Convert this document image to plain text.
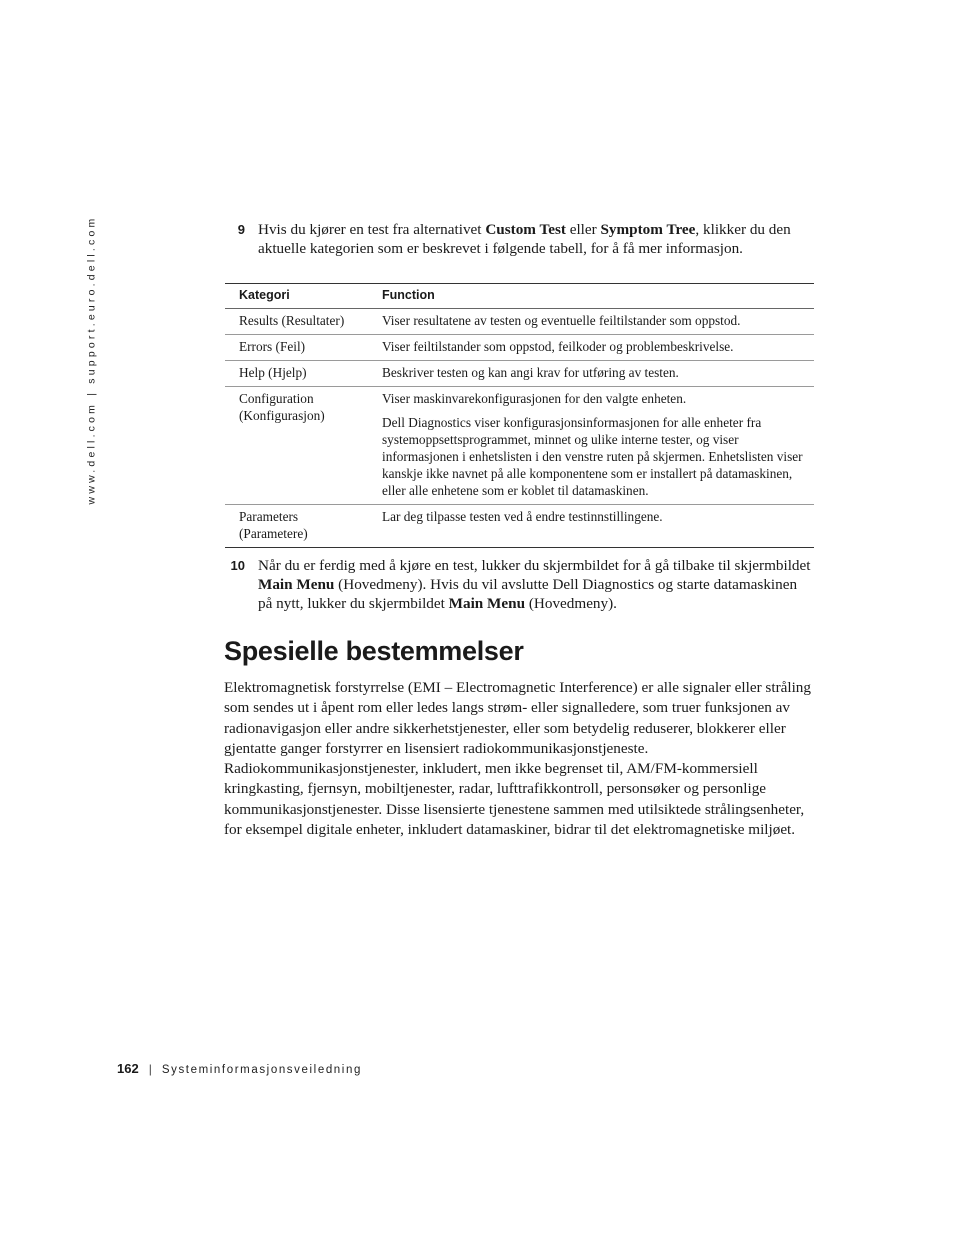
www.dell.com | support.euro.dell.com	9 Hvis du kjører en test fra alternativet Custom Test eller Symptom Tree, klikker du den aktuelle kategorien som er beskrevet i følgende tabell, for å få mer informasjon.
Kategori	Function
Results (Resultater)	Viser resultatene av testen og eventuelle feiltilstander som oppstod.

Errors (Feil)	Viser feiltilstander som oppstod, feilkoder og problembeskrivelse.

Help (Hjelp)	Beskriver testen og kan angi krav for utføring av testen.

Configuration (Konfigurasjon)	Viser maskinvarekonfigurasjonen for den valgte enheten.

Dell Diagnostics viser konfigurasjonsinformasjonen for alle enheter fra systemoppsettsprogrammet, minnet og ulike interne tester, og viser informasjonen i enhetslisten i den venstre ruten på skjermen. Enhetslisten viser kanskje ikke navnet på alle komponentene som er installert på datamaskinen, eller alle enhetene som er koblet til datamaskinen.

Parameters (Parametere)	Lar deg tilpasse testen ved å endre testinnstillingene.

10 Når du er ferdig med å kjøre en test, lukker du skjermbildet for å gå tilbake til skjermbildet Main Menu (Hovedmeny). Hvis du vil avslutte Dell Diagnostics og starte datamaskinen på nytt, lukker du skjermbildet Main Menu (Hovedmeny).
Spesielle bestemmelser

Elektromagnetisk forstyrrelse (EMI – Electromagnetic Interference) er alle signaler eller stråling som sendes ut i åpent rom eller ledes langs strøm- eller signalledere, som truer funksjonen av radionavigasjon eller andre sikkerhetstjenester, eller som betydelig reduserer, blokkerer eller gjentatte ganger forstyrrer en lisensiert radiokommunikasjonstjeneste. Radiokommunikasjonstjenester, inkludert, men ikke begrenset til, AM/FM-kommersiell kringkasting, fjernsyn, mobiltjenester, radar, lufttrafikkontroll, personsøker og personlige kommunikasjonstjenester. Disse lisensierte tjenestene sammen med utilsiktede strålingsenheter, for eksempel digitale enheter, inkludert datamaskiner, bidrar til det elektromagnetiske miljøet.

162 | Systeminformasjonsveiledning
